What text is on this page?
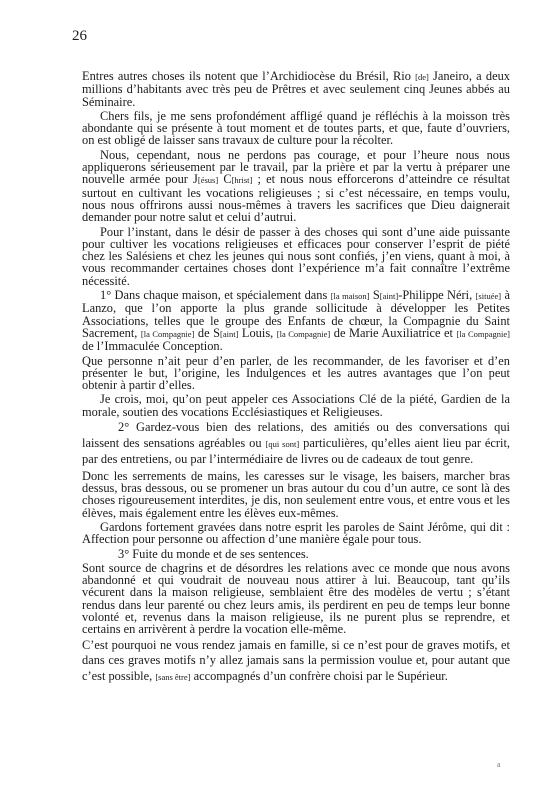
26

Entres autres choses ils notent que l’Archidiocèse du Brésil, Rio [de] Janeiro, a deux millions d’habitants avec très peu de Prêtres et avec seulement cinq Jeunes abbés au Séminaire.

Chers fils, je me sens profondément affligé quand je réfléchis à la moisson très abondante qui se présente à tout moment et de toutes parts, et que, faute d’ouvriers, on est obligé de laisser sans travaux de culture pour la récolter.

Nous, cependant, nous ne perdons pas courage, et pour l’heure nous nous appliquerons sérieusement par le travail, par la prière et par la vertu à préparer une nouvelle armée pour J[ésus] C[hrist] ; et nous nous efforcerons d’atteindre ce résultat surtout en cultivant les vocations religieuses ; si c’est nécessaire, en temps voulu, nous nous offrirons aussi nous-mêmes à travers les sacrifices que Dieu daignerait demander pour notre salut et celui d’autrui.

Pour l’instant, dans le désir de passer à des choses qui sont d’une aide puissante pour cultiver les vocations religieuses et efficaces pour conserver l’esprit de piété chez les Salésiens et chez les jeunes qui nous sont confiés, j’en viens, quant à moi, à vous recommander certaines choses dont l’expérience m’a fait connaître l’extrême nécessité.

1° Dans chaque maison, et spécialement dans [la maison] S[aint]-Philippe Néri, [située] à Lanzo, que l’on apporte la plus grande sollicitude à développer les Petites Associations, telles que le groupe des Enfants de chœur, la Compagnie du Saint Sacrement, [la Compagnie] de S[aint] Louis, [la Compagnie] de Marie Auxiliatrice et [la Compagnie] de l’Immaculée Conception.

Que personne n’ait peur d’en parler, de les recommander, de les favoriser et d’en présenter le but, l’origine, les Indulgences et les autres avantages que l’on peut obtenir à partir d’elles.

Je crois, moi, qu’on peut appeler ces Associations Clé de la piété, Gardien de la morale, soutien des vocations Ecclésiastiques et Religieuses.

2° Gardez-vous bien des relations, des amitiés ou des conversations qui laissent des sensations agréables ou [qui sont] particulières, qu’elles aient lieu par écrit, par des entretiens, ou par l’intermédiaire de livres ou de cadeaux de tout genre.

Donc les serrements de mains, les caresses sur le visage, les baisers, marcher bras dessus, bras dessous, ou se promener un bras autour du cou d’un autre, ce sont là des choses rigoureusement interdites, je dis, non seulement entre vous, et entre vous et les élèves, mais également entre les élèves eux-mêmes.

Gardons fortement gravées dans notre esprit les paroles de Saint Jérôme, qui dit : Affection pour personne ou affection d’une manière égale pour tous.

3° Fuite du monde et de ses sentences.

Sont source de chagrins et de désordres les relations avec ce monde que nous avons abandonné et qui voudrait de nouveau nous attirer à lui. Beaucoup, tant qu’ils vécurent dans la maison religieuse, semblaient être des modèles de vertu ; s’étant rendus dans leur parenté ou chez leurs amis, ils perdirent en peu de temps leur bonne volonté et, revenus dans la maison religieuse, ils ne purent plus se reprendre, et certains en arrivèrent à perdre la vocation elle-même.

C’est pourquoi ne vous rendez jamais en famille, si ce n’est pour de graves motifs, et dans ces graves motifs n’y allez jamais sans la permission voulue et, pour autant que c’est possible, [sans être] accompagnés d’un confrère choisi par le Supérieur.

a
